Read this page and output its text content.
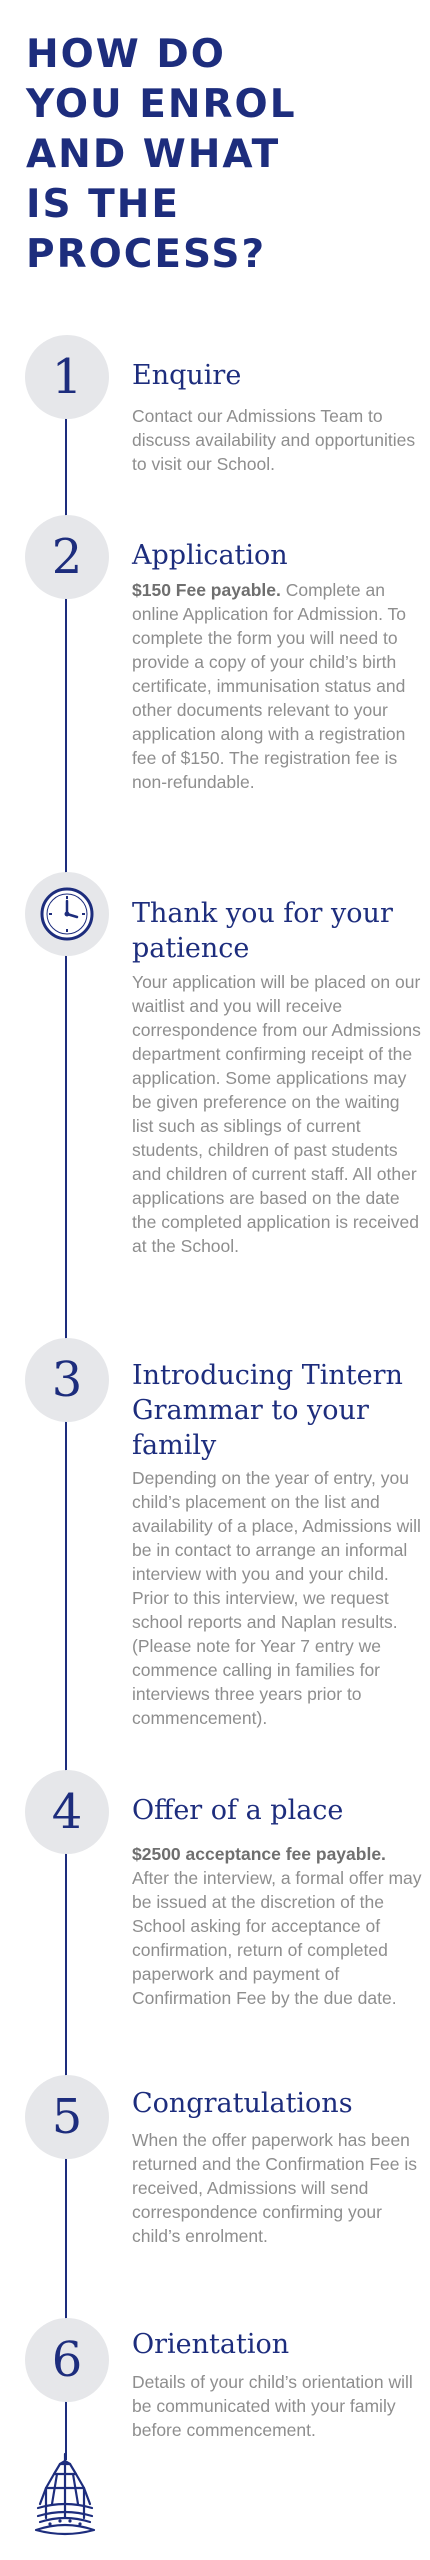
HOW DO
YOU ENROL
AND WHAT
IS THE
PROCESS?
1	Enquire

Contact our Admissions Team to discuss availability and opportunities to visit our School.

2	Application

$150 Fee payable. Complete an online Application for Admission. To complete the form you will need to provide a copy of your child’s birth certificate, immunisation status and other documents relevant to your application along with a registration fee of $150. The registration fee is non-refundable.

Thank you for your patience

Your application will be placed on our waitlist and you will receive correspondence from our Admissions department confirming receipt of the application. Some applications may be given preference on the waiting list such as siblings of current students, children of past students and children of current staff. All other applications are based on the date the completed application is received at the School.

3	Introducing Tintern Grammar to your family

Depending on the year of entry, you child’s placement on the list and availability of a place, Admissions will be in contact to arrange an informal interview with you and your child. Prior to this interview, we request school reports and Naplan results. (Please note for Year 7 entry we commence calling in families for interviews three years prior to commencement).

4	Offer of a place

$2500 acceptance fee payable. After the interview, a formal offer may be issued at the discretion of the School asking for acceptance of confirmation, return of completed paperwork and payment of Confirmation Fee by the due date.

5	Congratulations

When the offer paperwork has been returned and the Confirmation Fee is received, Admissions will send correspondence confirming your child’s enrolment.

6	Orientation

Details of your child’s orientation will be communicated with your family before commencement.
